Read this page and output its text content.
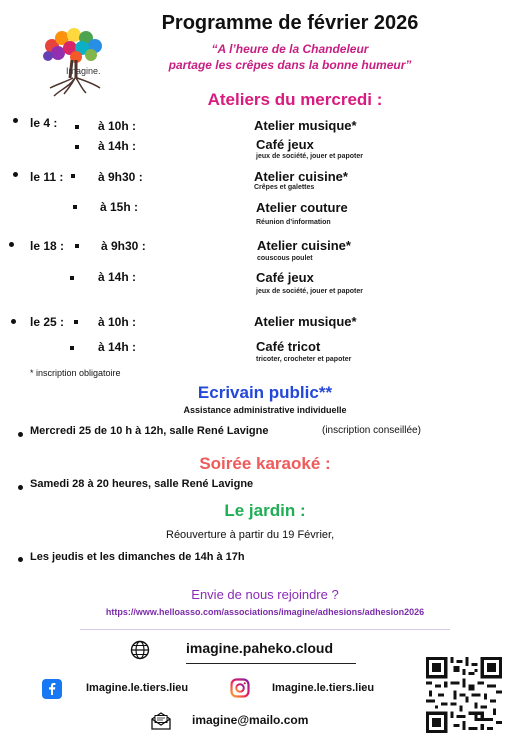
Imagine.
Programme de février 2026
“A l’heure de la Chandeleur
partage les crêpes dans la bonne humeur”
Ateliers du mercredi :
le 4 :	à 10h :	Atelier musique*
à 14h :	Café jeux
jeux de société, jouer et papoter
le 11 :	à 9h30 :	Atelier cuisine*
Crêpes et galettes
à 15h :	Atelier couture
Réunion d’information
le 18 :	à 9h30 :	Atelier cuisine*
couscous poulet
à 14h :	Café jeux
jeux de société, jouer et papoter
le 25 :	à 10h :	Atelier musique*
à 14h :	Café tricot
tricoter, crocheter et papoter
* inscription obligatoire
Ecrivain public**
Assistance administrative individuelle
Mercredi 25 de 10 h à 12h, salle René Lavigne	(inscription conseillée)
Soirée karaoké :
Samedi 28 à 20 heures, salle René Lavigne
Le jardin :
Réouverture à partir du 19 Février,
Les jeudis et les dimanches de 14h à 17h
Envie de nous rejoindre ?
https://www.helloasso.com/associations/imagine/adhesions/adhesion2026
imagine.paheko.cloud
Imagine.le.tiers.lieu	Imagine.le.tiers.lieu
imagine@mailo.com
